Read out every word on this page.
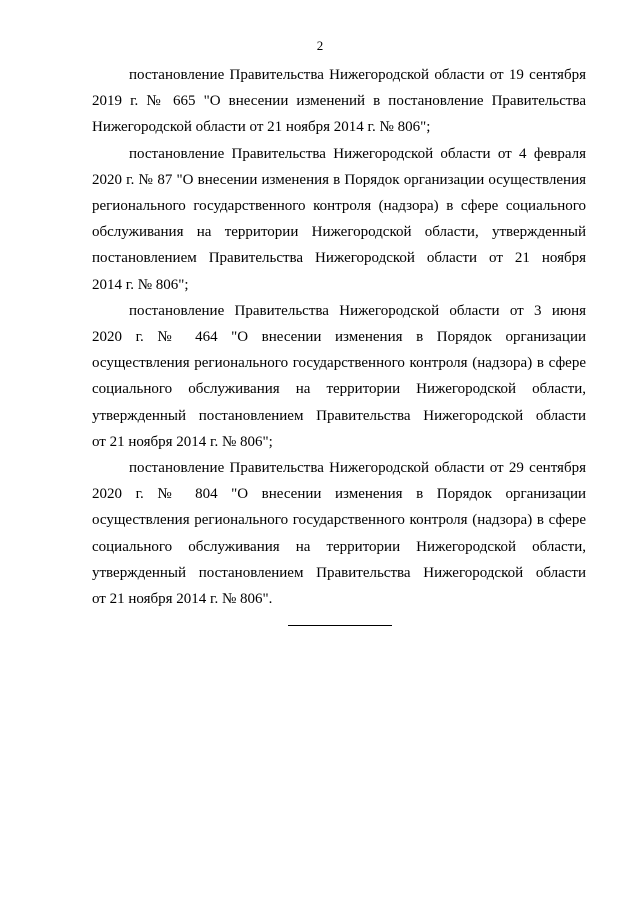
2

постановление Правительства Нижегородской области от 19 сентября
2019 г. № 665 "О внесении изменений в постановление Правительства
Нижегородской области от 21 ноября 2014 г. № 806";

постановление Правительства Нижегородской области от 4 февраля
2020 г. № 87 "О внесении изменения в Порядок организации осуществления
регионального государственного контроля (надзора) в сфере социального
обслуживания на территории Нижегородской области, утвержденный
постановлением Правительства Нижегородской области от 21 ноября
2014 г. № 806";

постановление Правительства Нижегородской области от 3 июня
2020 г. № 464 "О внесении изменения в Порядок организации
осуществления регионального государственного контроля (надзора) в сфере
социального обслуживания на территории Нижегородской области,
утвержденный постановлением Правительства Нижегородской области
от 21 ноября 2014 г. № 806";

постановление Правительства Нижегородской области от 29 сентября
2020 г. № 804 "О внесении изменения в Порядок организации
осуществления регионального государственного контроля (надзора) в сфере
социального обслуживания на территории Нижегородской области,
утвержденный постановлением Правительства Нижегородской области
от 21 ноября 2014 г. № 806".
